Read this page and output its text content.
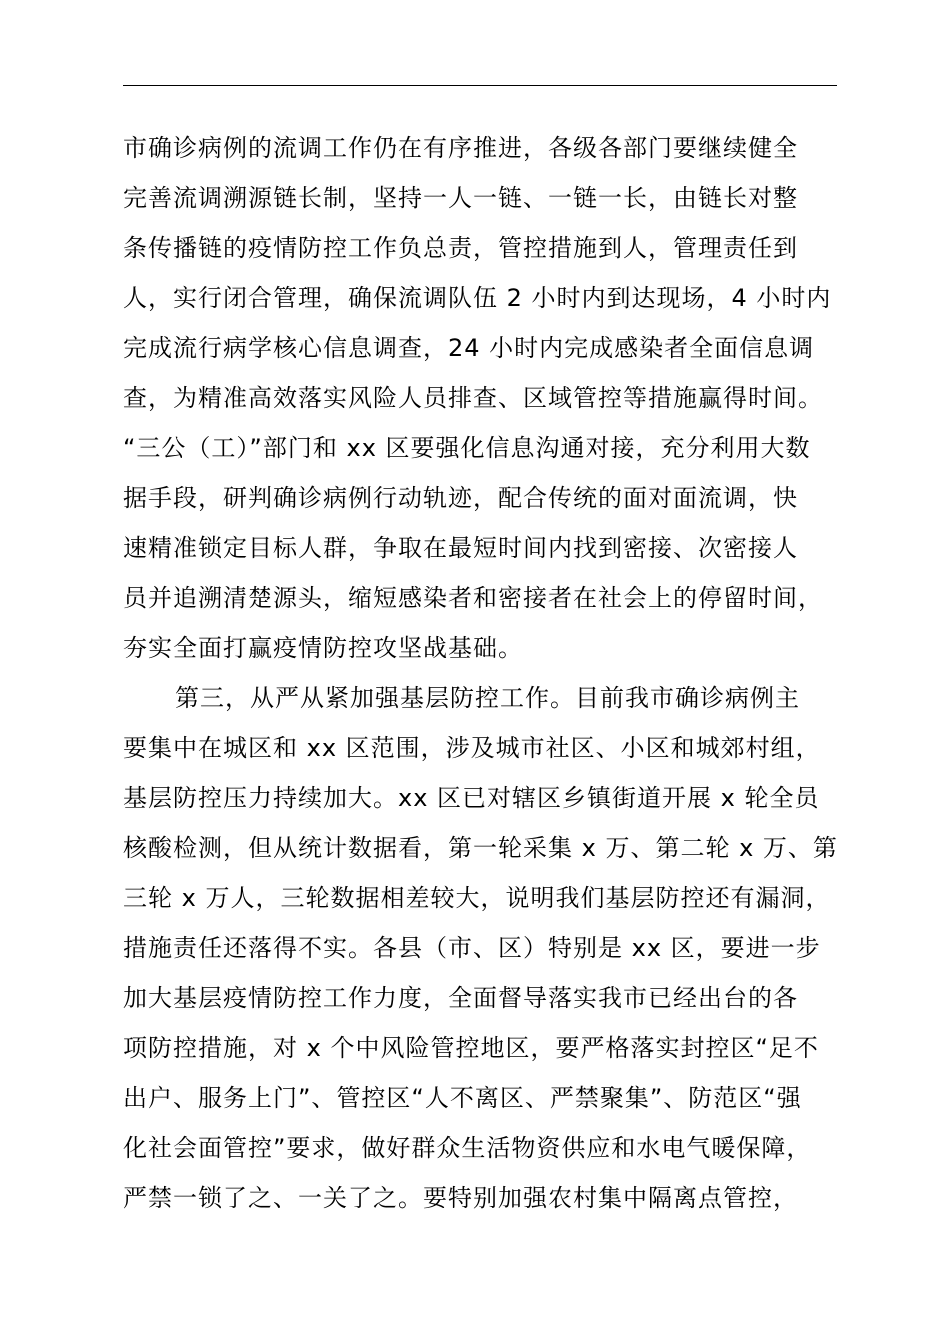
市确诊病例的流调工作仍在有序推进，各级各部门要继续健全
完善流调溯源链长制，坚持一人一链、一链一长，由链长对整
条传播链的疫情防控工作负总责，管控措施到人，管理责任到
人，实行闭合管理，确保流调队伍 2 小时内到达现场，4 小时内
完成流行病学核心信息调查，24 小时内完成感染者全面信息调
查，为精准高效落实风险人员排查、区域管控等措施赢得时间。
“三公（工）”部门和 xx 区要强化信息沟通对接，充分利用大数
据手段，研判确诊病例行动轨迹，配合传统的面对面流调，快
速精准锁定目标人群，争取在最短时间内找到密接、次密接人
员并追溯清楚源头，缩短感染者和密接者在社会上的停留时间，
夯实全面打赢疫情防控攻坚战基础。
第三，从严从紧加强基层防控工作。目前我市确诊病例主
要集中在城区和 xx 区范围，涉及城市社区、小区和城郊村组，
基层防控压力持续加大。xx 区已对辖区乡镇街道开展 x 轮全员
核酸检测，但从统计数据看，第一轮采集 x 万、第二轮 x 万、第
三轮 x 万人，三轮数据相差较大，说明我们基层防控还有漏洞，
措施责任还落得不实。各县（市、区）特别是 xx 区，要进一步
加大基层疫情防控工作力度，全面督导落实我市已经出台的各
项防控措施，对 x 个中风险管控地区，要严格落实封控区“足不
出户、服务上门”、管控区“人不离区、严禁聚集”、防范区“强
化社会面管控”要求，做好群众生活物资供应和水电气暖保障，
严禁一锁了之、一关了之。要特别加强农村集中隔离点管控，
